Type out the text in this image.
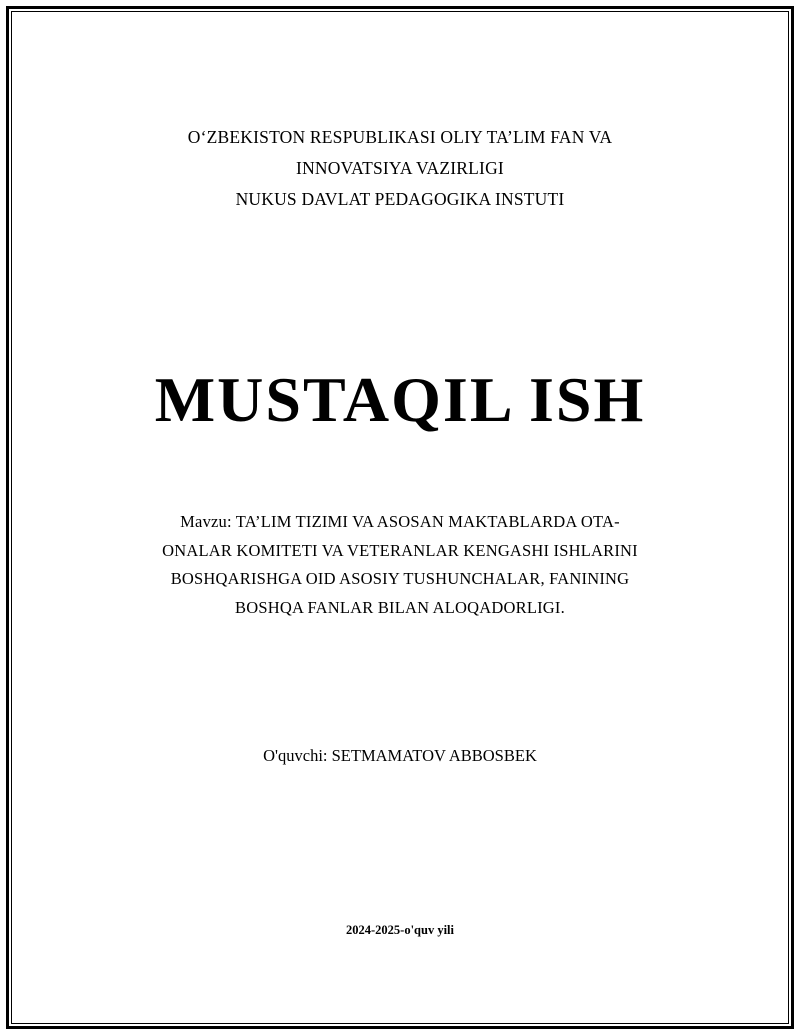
OʻZBEKISTON RESPUBLIKASI OLIY TA’LIM FAN VA
INNOVATSIYA VAZIRLIGI
NUKUS DAVLAT PEDAGOGIKA INSTUTI
MUSTAQIL ISH
Mavzu: TA’LIM TIZIMI VA ASOSAN MAKTABLARDA OTA-
ONALAR KOMITETI VA VETERANLAR KENGASHI ISHLARINI
BOSHQARISHGA OID ASOSIY TUSHUNCHALAR, FANINING
BOSHQA FANLAR BILAN ALOQADORLIGI.
O'quvchi: SETMAMATOV ABBOSBEK
2024-2025-o'quv yili
